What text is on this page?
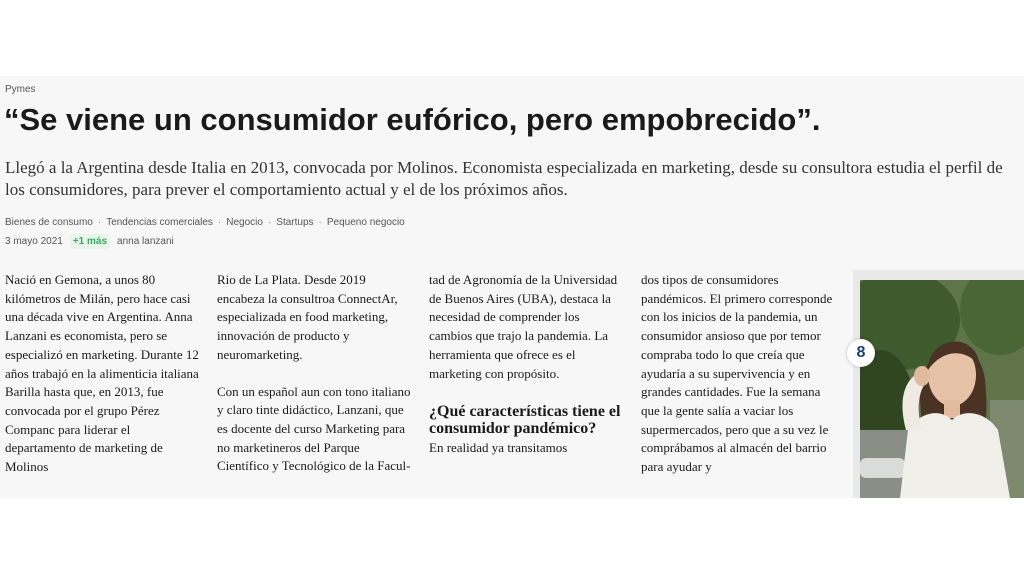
Pymes
“Se viene un consumidor eufórico, pero empobrecido”.

Llegó a la Argentina desde Italia en 2013, convocada por Molinos. Economista especializada en marketing, desde su consultora estudia el perfil de los consumidores, para prever el comportamiento actual y el de los próximos años.

Bienes de consumo · Tendencias comerciales · Negocio · Startups · Pequeno negocio
3 mayo 2021	+1 más	anna lanzani

Nació en Gemona, a unos 80 kilómetros de Milán, pero hace casi una década vive en Argentina. Anna Lanzani es economista, pero se especializó en marketing. Durante 12 años trabajó en la alimenticia italiana Barilla hasta que, en 2013, fue convocada por el grupo Pérez Companc para liderar el departamento de marketing de Molinos

Rio de La Plata. Desde 2019 encabeza la consultroa ConnectAr, especializada en food marketing, innovación de producto y neuromarketing.

Con un español aun con tono italiano y claro tinte didáctico, Lanzani, que es docente del curso Marketing para no marketineros del Parque Científico y Tecnológico de la Facul-

tad de Agronomía de la Universidad de Buenos Aires (UBA), destaca la necesidad de comprender los cambios que trajo la pandemia. La herramienta que ofrece es el marketing con propósito.

¿Qué características tiene el consumidor pandémico?

En realidad ya transitamos

dos tipos de consumidores pandémicos. El primero corresponde con los inicios de la pandemia, un consumidor ansioso que por temor compraba todo lo que creía que ayudaría a su supervivencia y en grandes cantidades. Fue la semana que la gente salía a vaciar los supermercados, pero que a su vez le comprábamos al almacén del barrio para ayudar y

8
